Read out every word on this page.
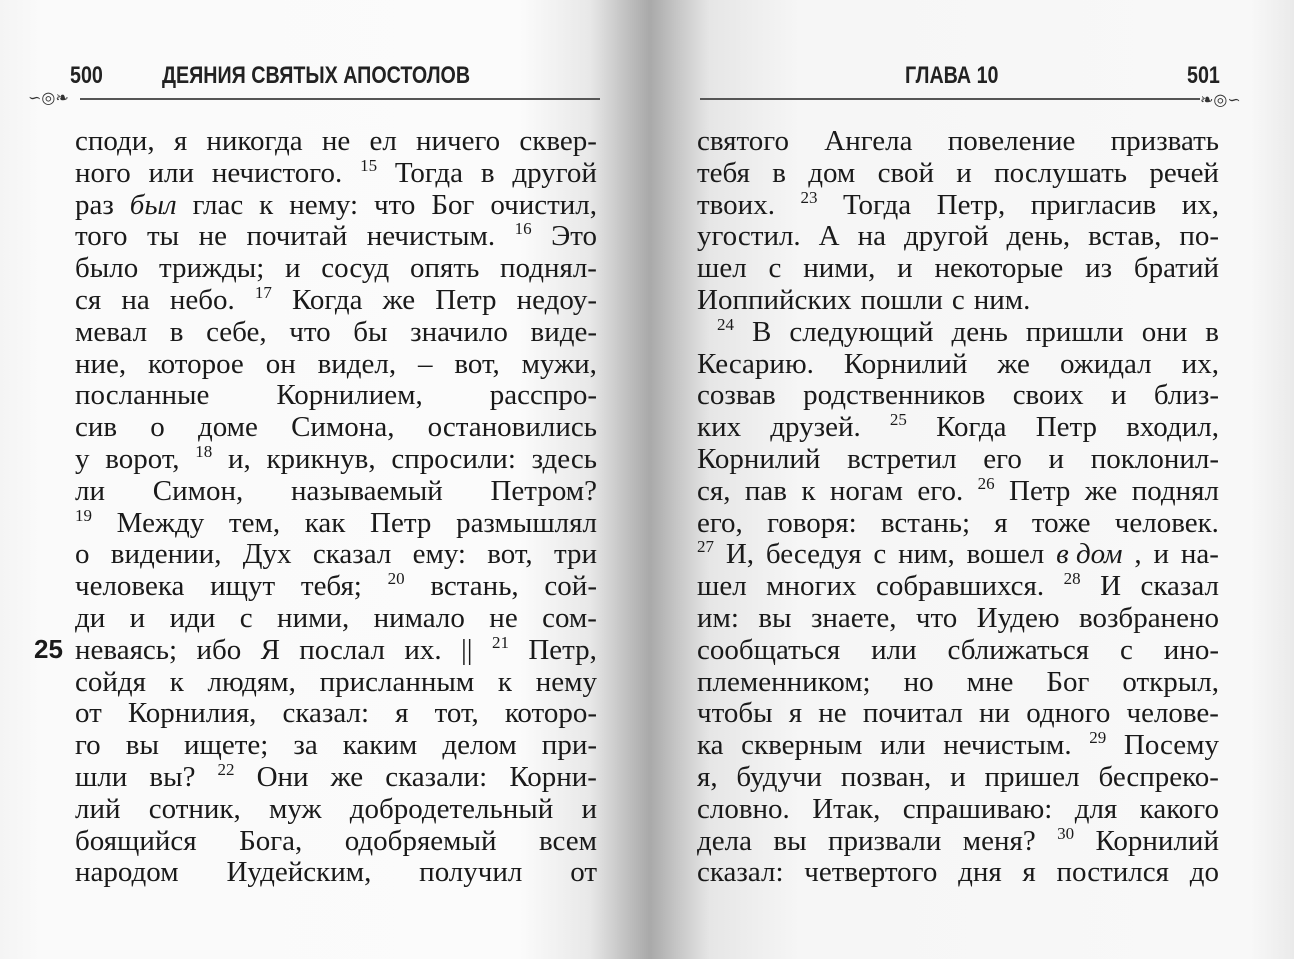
500 ДЕЯНИЯ СВЯТЫХ АПОСТОЛОВ
∽◎❧
25
споди, я никогда не ел ничего сквер-
ного или нечистого. $^{15}$ Тогда в другой
раз был глас к нему: что Бог очистил,
того ты не почитай нечистым. $^{16}$ Это
было трижды; и сосуд опять поднял-
ся на небо. $^{17}$ Когда же Петр недоу-
мевал в себе, что бы значило виде-
ние, которое он видел, – вот, мужи,
посланные Корнилием, расспро-
сив о доме Симона, остановились
у ворот, $^{18}$ и, крикнув, спросили: здесь
ли Симон, называемый Петром?
$^{19}$ Между тем, как Петр размышлял
о видении, Дух сказал ему: вот, три
человека ищут тебя; $^{20}$ встань, сой-
ди и иди с ними, нимало не сом-
неваясь; ибо Я послал их. || $^{21}$ Петр,
сойдя к людям, присланным к нему
от Корнилия, сказал: я тот, которо-
го вы ищете; за каким делом при-
шли вы? $^{22}$ Они же сказали: Корни-
лий сотник, муж добродетельный и
боящийся Бога, одобряемый всем
народом Иудейским, получил от
ГЛАВА 10	501
❧◎∽
святого Ангела повеление призвать
тебя в дом свой и послушать речей
твоих. $^{23}$ Тогда Петр, пригласив их,
угостил. А на другой день, встав, по-
шел с ними, и некоторые из братий
Иоппийских пошли с ним.
$^{24}$ В следующий день пришли они в
Кесарию. Корнилий же ожидал их,
созвав родственников своих и близ-
ких друзей. $^{25}$ Когда Петр входил,
Корнилий встретил его и поклонил-
ся, пав к ногам его. $^{26}$ Петр же поднял
его, говоря: встань; я тоже человек.
$^{27}$ И, беседуя с ним, вошел в дом , и на-
шел многих собравшихся. $^{28}$ И сказал
им: вы знаете, что Иудею возбранено
сообщаться или сближаться с ино-
племенником; но мне Бог открыл,
чтобы я не почитал ни одного челове-
ка скверным или нечистым. $^{29}$ Посему
я, будучи позван, и пришел беспреко-
словно. Итак, спрашиваю: для какого
дела вы призвали меня? $^{30}$ Корнилий
сказал: четвертого дня я постился до
